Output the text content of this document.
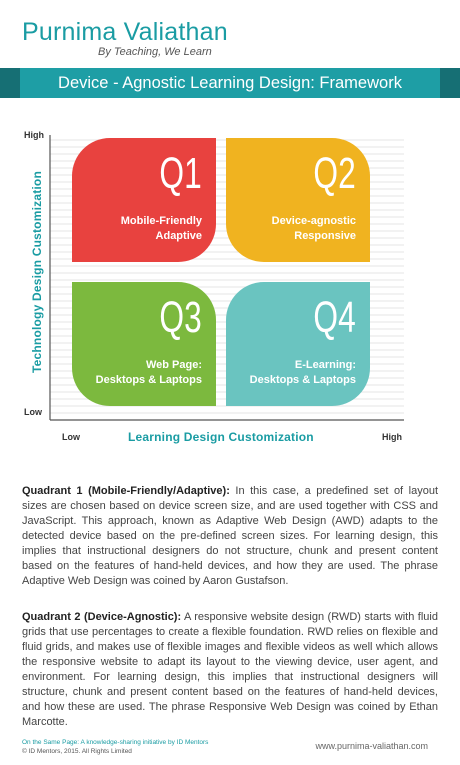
Purnima Valiathan
By Teaching, We Learn
Device - Agnostic Learning Design: Framework
High
Low
Low	High
Learning Design Customization
Technology Design Customization	Q1
Mobile-Friendly
Adaptive
Q2
Device-agnostic
Responsive
Q3
Web Page:
Desktops & Laptops
Q4
E-Learning:
Desktops & Laptops

Quadrant 1 (Mobile-Friendly/Adaptive): In this case, a predefined set of layout sizes are chosen based on device screen size, and are used together with CSS and JavaScript. This approach, known as Adaptive Web Design (AWD) adapts to the detected device based on the pre-defined screen sizes. For learning design, this implies that instructional designers do not structure, chunk and present content based on the features of hand-held devices, and how they are used. The phrase Adaptive Web Design was coined by Aaron Gustafson.

Quadrant 2 (Device-Agnostic): A responsive website design (RWD) starts with fluid grids that use percentages to create a flexible foundation. RWD relies on flexible and fluid grids, and makes use of flexible images and flexible videos as well which allows the responsive website to adapt its layout to the viewing device, user agent, and environment. For learning design, this implies that instructional designers will structure, chunk and present content based on the features of hand-held devices, and how these are used. The phrase Responsive Web Design was coined by Ethan Marcotte.

On the Same Page: A knowledge-sharing initiative by ID Mentors
© ID Mentors, 2015. All Rights Limited
www.purnima-valiathan.com
